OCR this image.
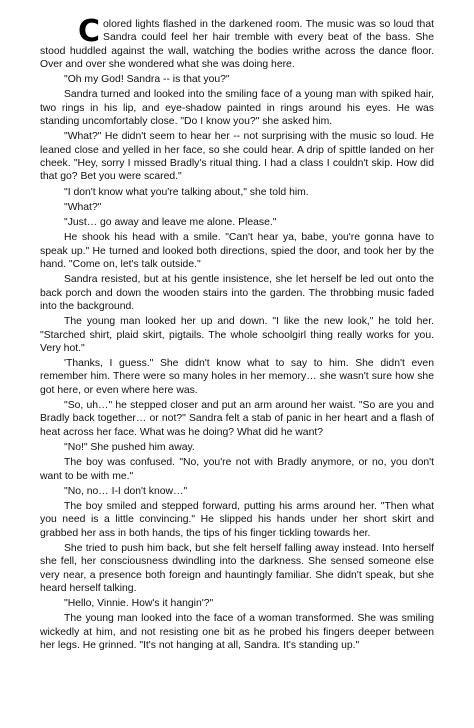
Colored lights flashed in the darkened room. The music was so loud that Sandra could feel her hair tremble with every beat of the bass. She stood huddled against the wall, watching the bodies writhe across the dance floor. Over and over she wondered what she was doing here.

"Oh my God! Sandra -- is that you?"

Sandra turned and looked into the smiling face of a young man with spiked hair, two rings in his lip, and eye-shadow painted in rings around his eyes. He was standing uncomfortably close. "Do I know you?" she asked him.

"What?" He didn't seem to hear her -- not surprising with the music so loud. He leaned close and yelled in her face, so she could hear. A drip of spittle landed on her cheek. "Hey, sorry I missed Bradly's ritual thing. I had a class I couldn't skip. How did that go? Bet you were scared."

"I don't know what you're talking about," she told him.

"What?"

"Just… go away and leave me alone. Please."

He shook his head with a smile. "Can't hear ya, babe, you're gonna have to speak up." He turned and looked both directions, spied the door, and took her by the hand. "Come on, let's talk outside."

Sandra resisted, but at his gentle insistence, she let herself be led out onto the back porch and down the wooden stairs into the garden. The throbbing music faded into the background.

The young man looked her up and down. "I like the new look," he told her. "Starched shirt, plaid skirt, pigtails. The whole schoolgirl thing really works for you. Very hot."

'Thanks, I guess." She didn't know what to say to him. She didn't even remember him. There were so many holes in her memory… she wasn't sure how she got here, or even where here was.

"So, uh…" he stepped closer and put an arm around her waist. "So are you and Bradly back together… or not?" Sandra felt a stab of panic in her heart and a flash of heat across her face. What was he doing? What did he want?

"No!" She pushed him away.

The boy was confused. "No, you're not with Bradly anymore, or no, you don't want to be with me."

"No, no… I-I don't know…"

The boy smiled and stepped forward, putting his arms around her. "Then what you need is a little convincing." He slipped his hands under her short skirt and grabbed her ass in both hands, the tips of his finger tickling towards her.

She tried to push him back, but she felt herself falling away instead. Into herself she fell, her consciousness dwindling into the darkness. She sensed someone else very near, a presence both foreign and hauntingly familiar. She didn't speak, but she heard herself talking.

"Hello, Vinnie. How's it hangin'?"

The young man looked into the face of a woman transformed. She was smiling wickedly at him, and not resisting one bit as he probed his fingers deeper between her legs. He grinned. "It's not hanging at all, Sandra. It's standing up."
